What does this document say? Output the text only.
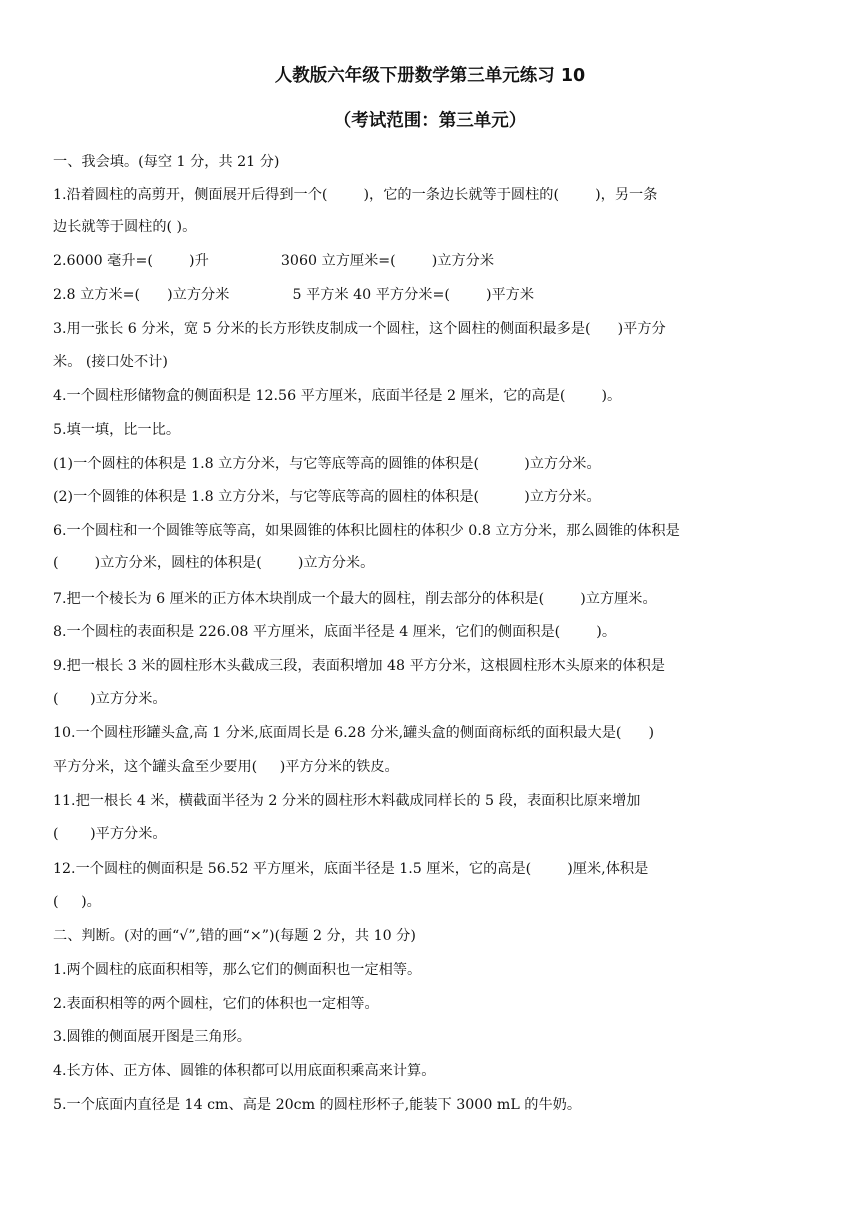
人教版六年级下册数学第三单元练习 10
（考试范围：第三单元）
一、我会填。(每空 1 分，共 21 分)
1.沿着圆柱的高剪开，侧面展开后得到一个(        )，它的一条边长就等于圆柱的(        )，另一条
边长就等于圆柱的( )。
2.6000 毫升=(        )升                3060 立方厘米=(        )立方分米
2.8 立方米=(      )立方分米              5 平方米 40 平方分米=(        )平方米
3.用一张长 6 分米，宽 5 分米的长方形铁皮制成一个圆柱，这个圆柱的侧面积最多是(      )平方分
米。 (接口处不计)
4.一个圆柱形储物盒的侧面积是 12.56 平方厘米，底面半径是 2 厘米，它的高是(        )。
5.填一填，比一比。
(1)一个圆柱的体积是 1.8 立方分米，与它等底等高的圆锥的体积是(          )立方分米。
(2)一个圆锥的体积是 1.8 立方分米，与它等底等高的圆柱的体积是(          )立方分米。
6.一个圆柱和一个圆锥等底等高，如果圆锥的体积比圆柱的体积少 0.8 立方分米，那么圆锥的体积是
(        )立方分米，圆柱的体积是(        )立方分米。
7.把一个棱长为 6 厘米的正方体木块削成一个最大的圆柱，削去部分的体积是(        )立方厘米。
8.一个圆柱的表面积是 226.08 平方厘米，底面半径是 4 厘米，它们的侧面积是(        )。
9.把一根长 3 米的圆柱形木头截成三段，表面积增加 48 平方分米，这根圆柱形木头原来的体积是
(       )立方分米。
10.一个圆柱形罐头盒,高 1 分米,底面周长是 6.28 分米,罐头盒的侧面商标纸的面积最大是(      )
平方分米，这个罐头盒至少要用(     )平方分米的铁皮。
11.把一根长 4 米，横截面半径为 2 分米的圆柱形木料截成同样长的 5 段，表面积比原来增加
(       )平方分米。
12.一个圆柱的侧面积是 56.52 平方厘米，底面半径是 1.5 厘米，它的高是(        )厘米,体积是
(     )。
二、判断。(对的画“√”,错的画“×”)(每题 2 分，共 10 分)
1.两个圆柱的底面积相等，那么它们的侧面积也一定相等。
2.表面积相等的两个圆柱，它们的体积也一定相等。
3.圆锥的侧面展开图是三角形。
4.长方体、正方体、圆锥的体积都可以用底面积乘高来计算。
5.一个底面内直径是 14 cm、高是 20cm 的圆柱形杯子,能装下 3000 mL 的牛奶。
